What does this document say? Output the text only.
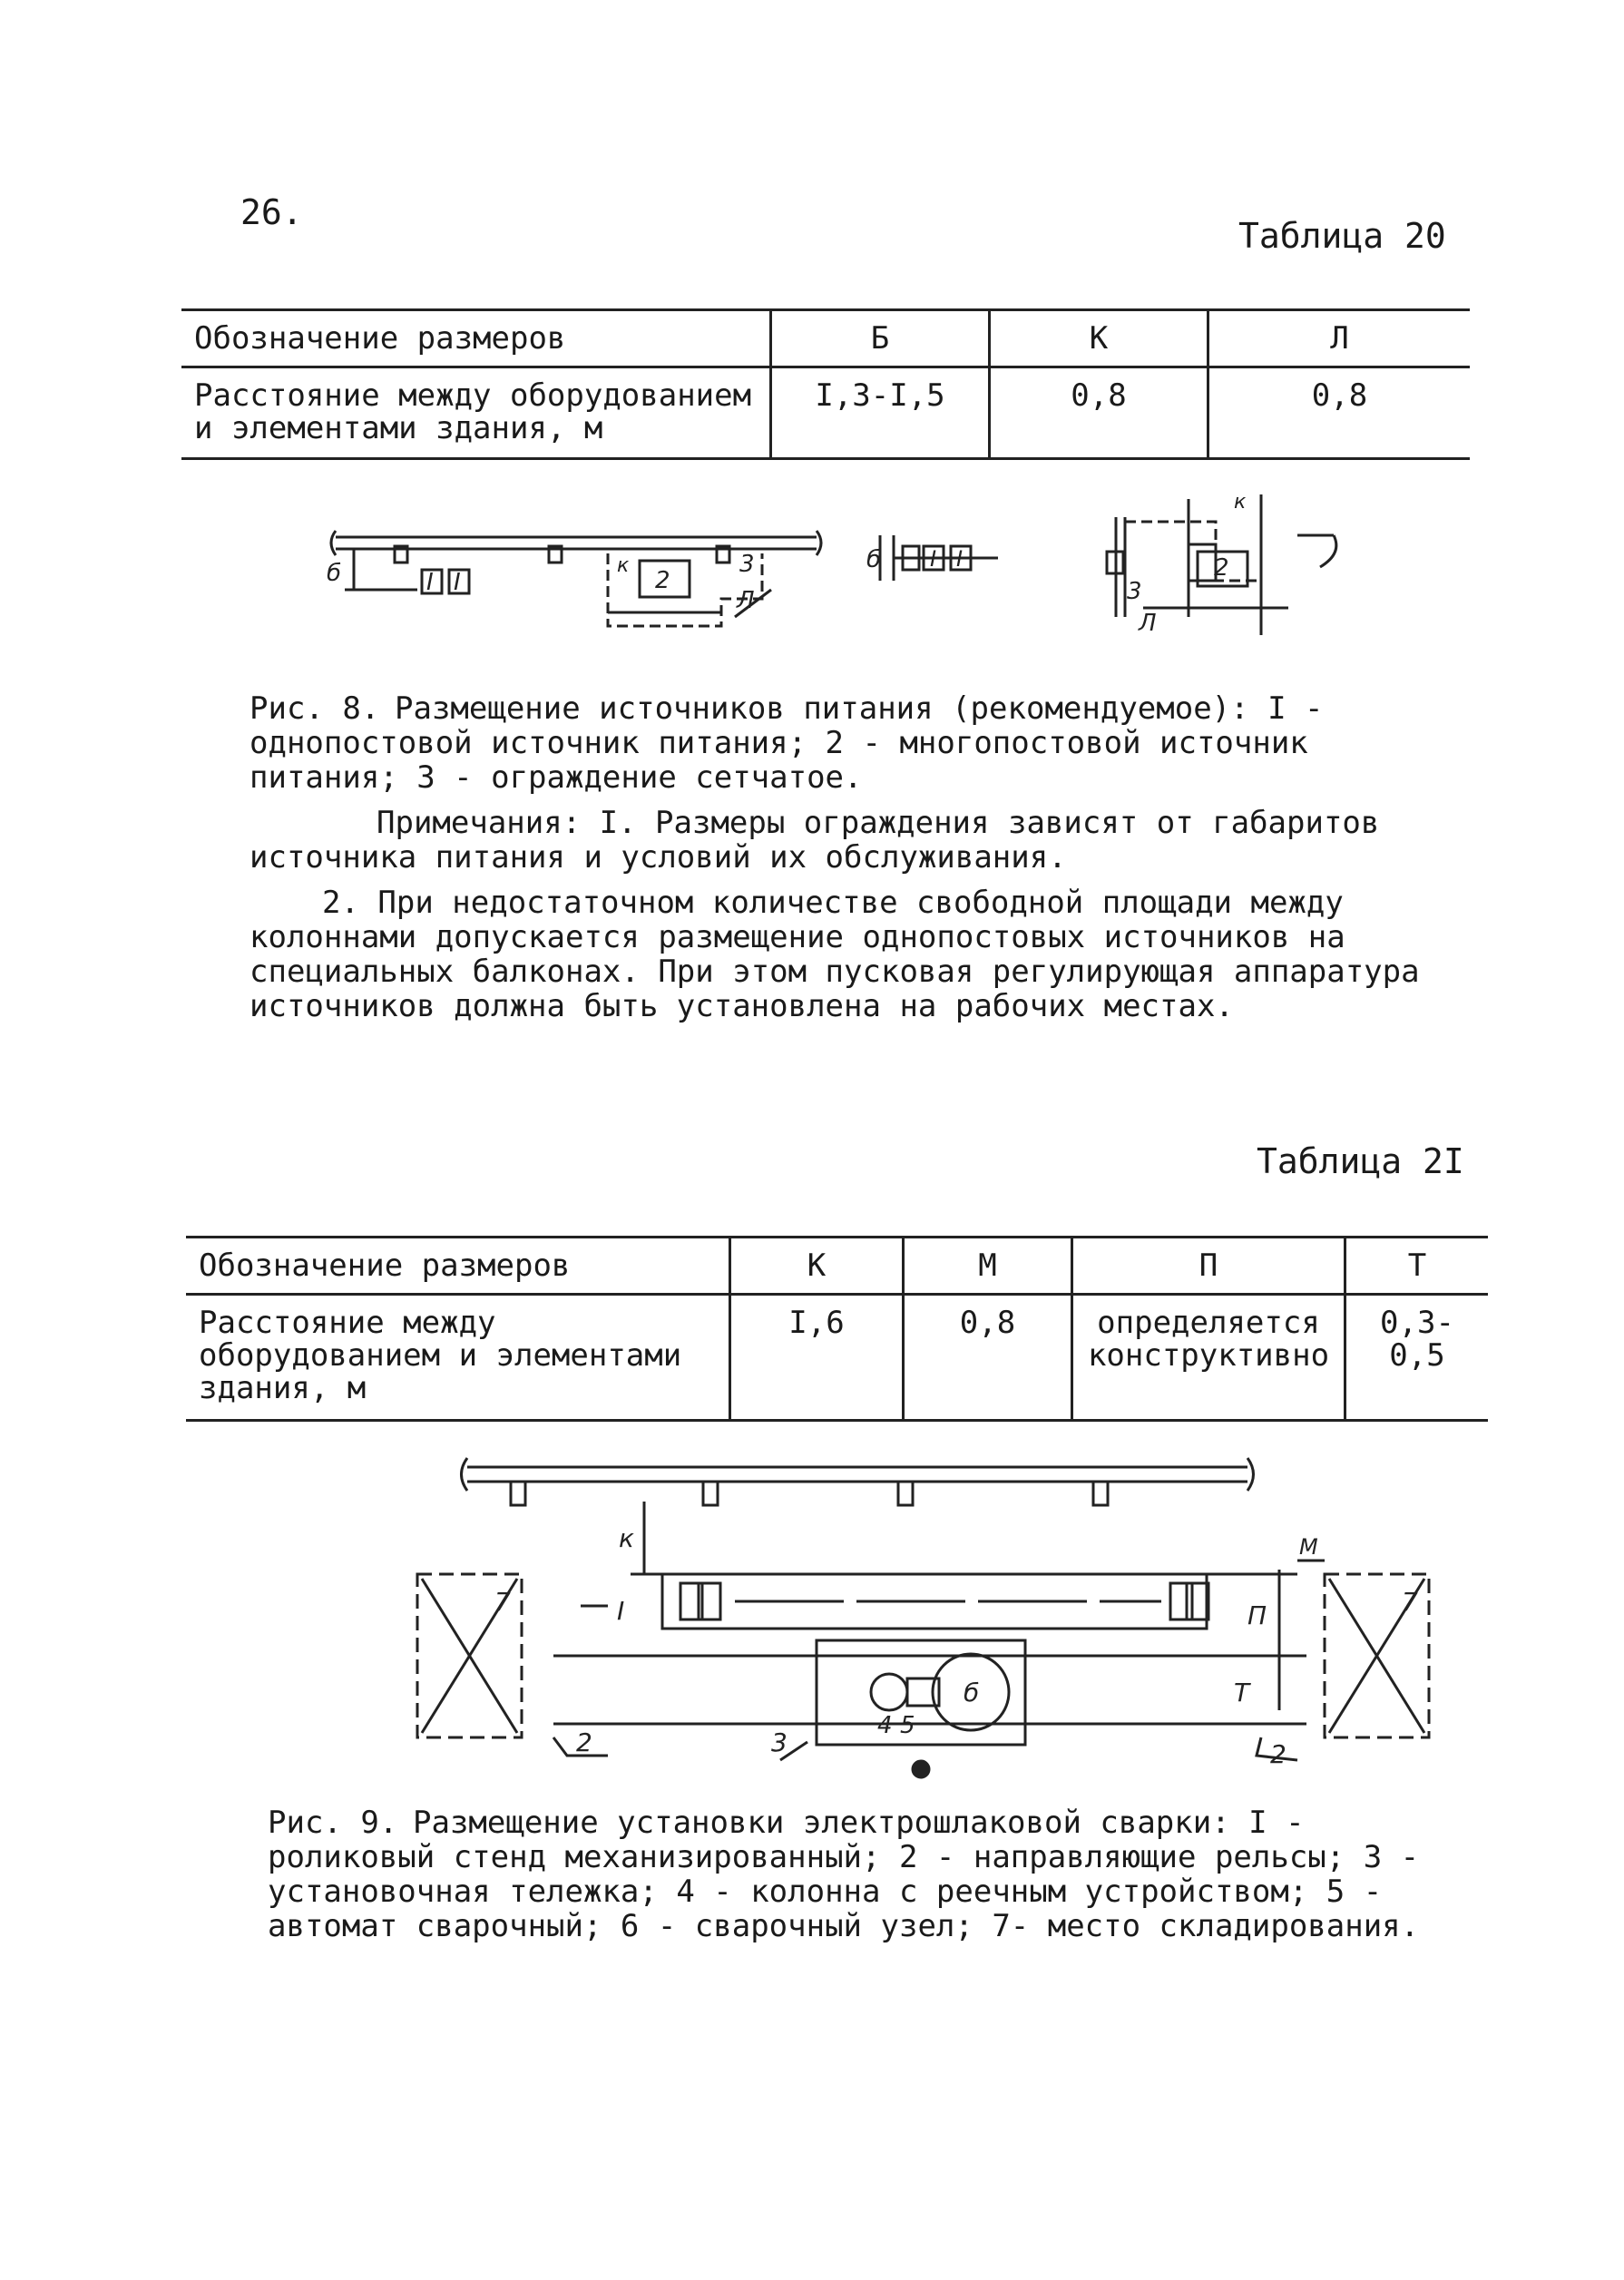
26.
Таблица 20
Обозначение размеров	Б	К	Л
Расстояние между оборудованием и элементами здания, м	I,3-I,5	0,8	0,8
I I	2
3
б
Л
к
к
б I I
3
2
Л
Рис. 8. Размещение источников питания (рекомендуемое): I - однопостовой источник питания; 2 - многопостовой источник питания; 3 - ограждение сетчатое.

Примечания: I. Размеры ограждения зависят от габаритов источника питания и условий их обслуживания.

2. При недостаточном количестве свободной площади между колоннами допускается размещение однопостовых источников на специальных балконах. При этом пусковая регулирующая аппаратура источников должна быть установлена на рабочих местах.

Таблица 2I
Обозначение размеров	К	М	П	Т
Расстояние между оборудованием и элементами здания, м	I,6	0,8	определяется конструктивно	0,3-0,5
к	М
I	П
7	7
Т
б
4 5
2	3	2
Рис. 9. Размещение установки электрошлаковой сварки: I - роликовый стенд механизированный; 2 - направляющие рельсы; 3 - установочная тележка; 4 - колонна с реечным устройством; 5 - автомат сварочный; 6 - сварочный узел; 7- место складирования.
